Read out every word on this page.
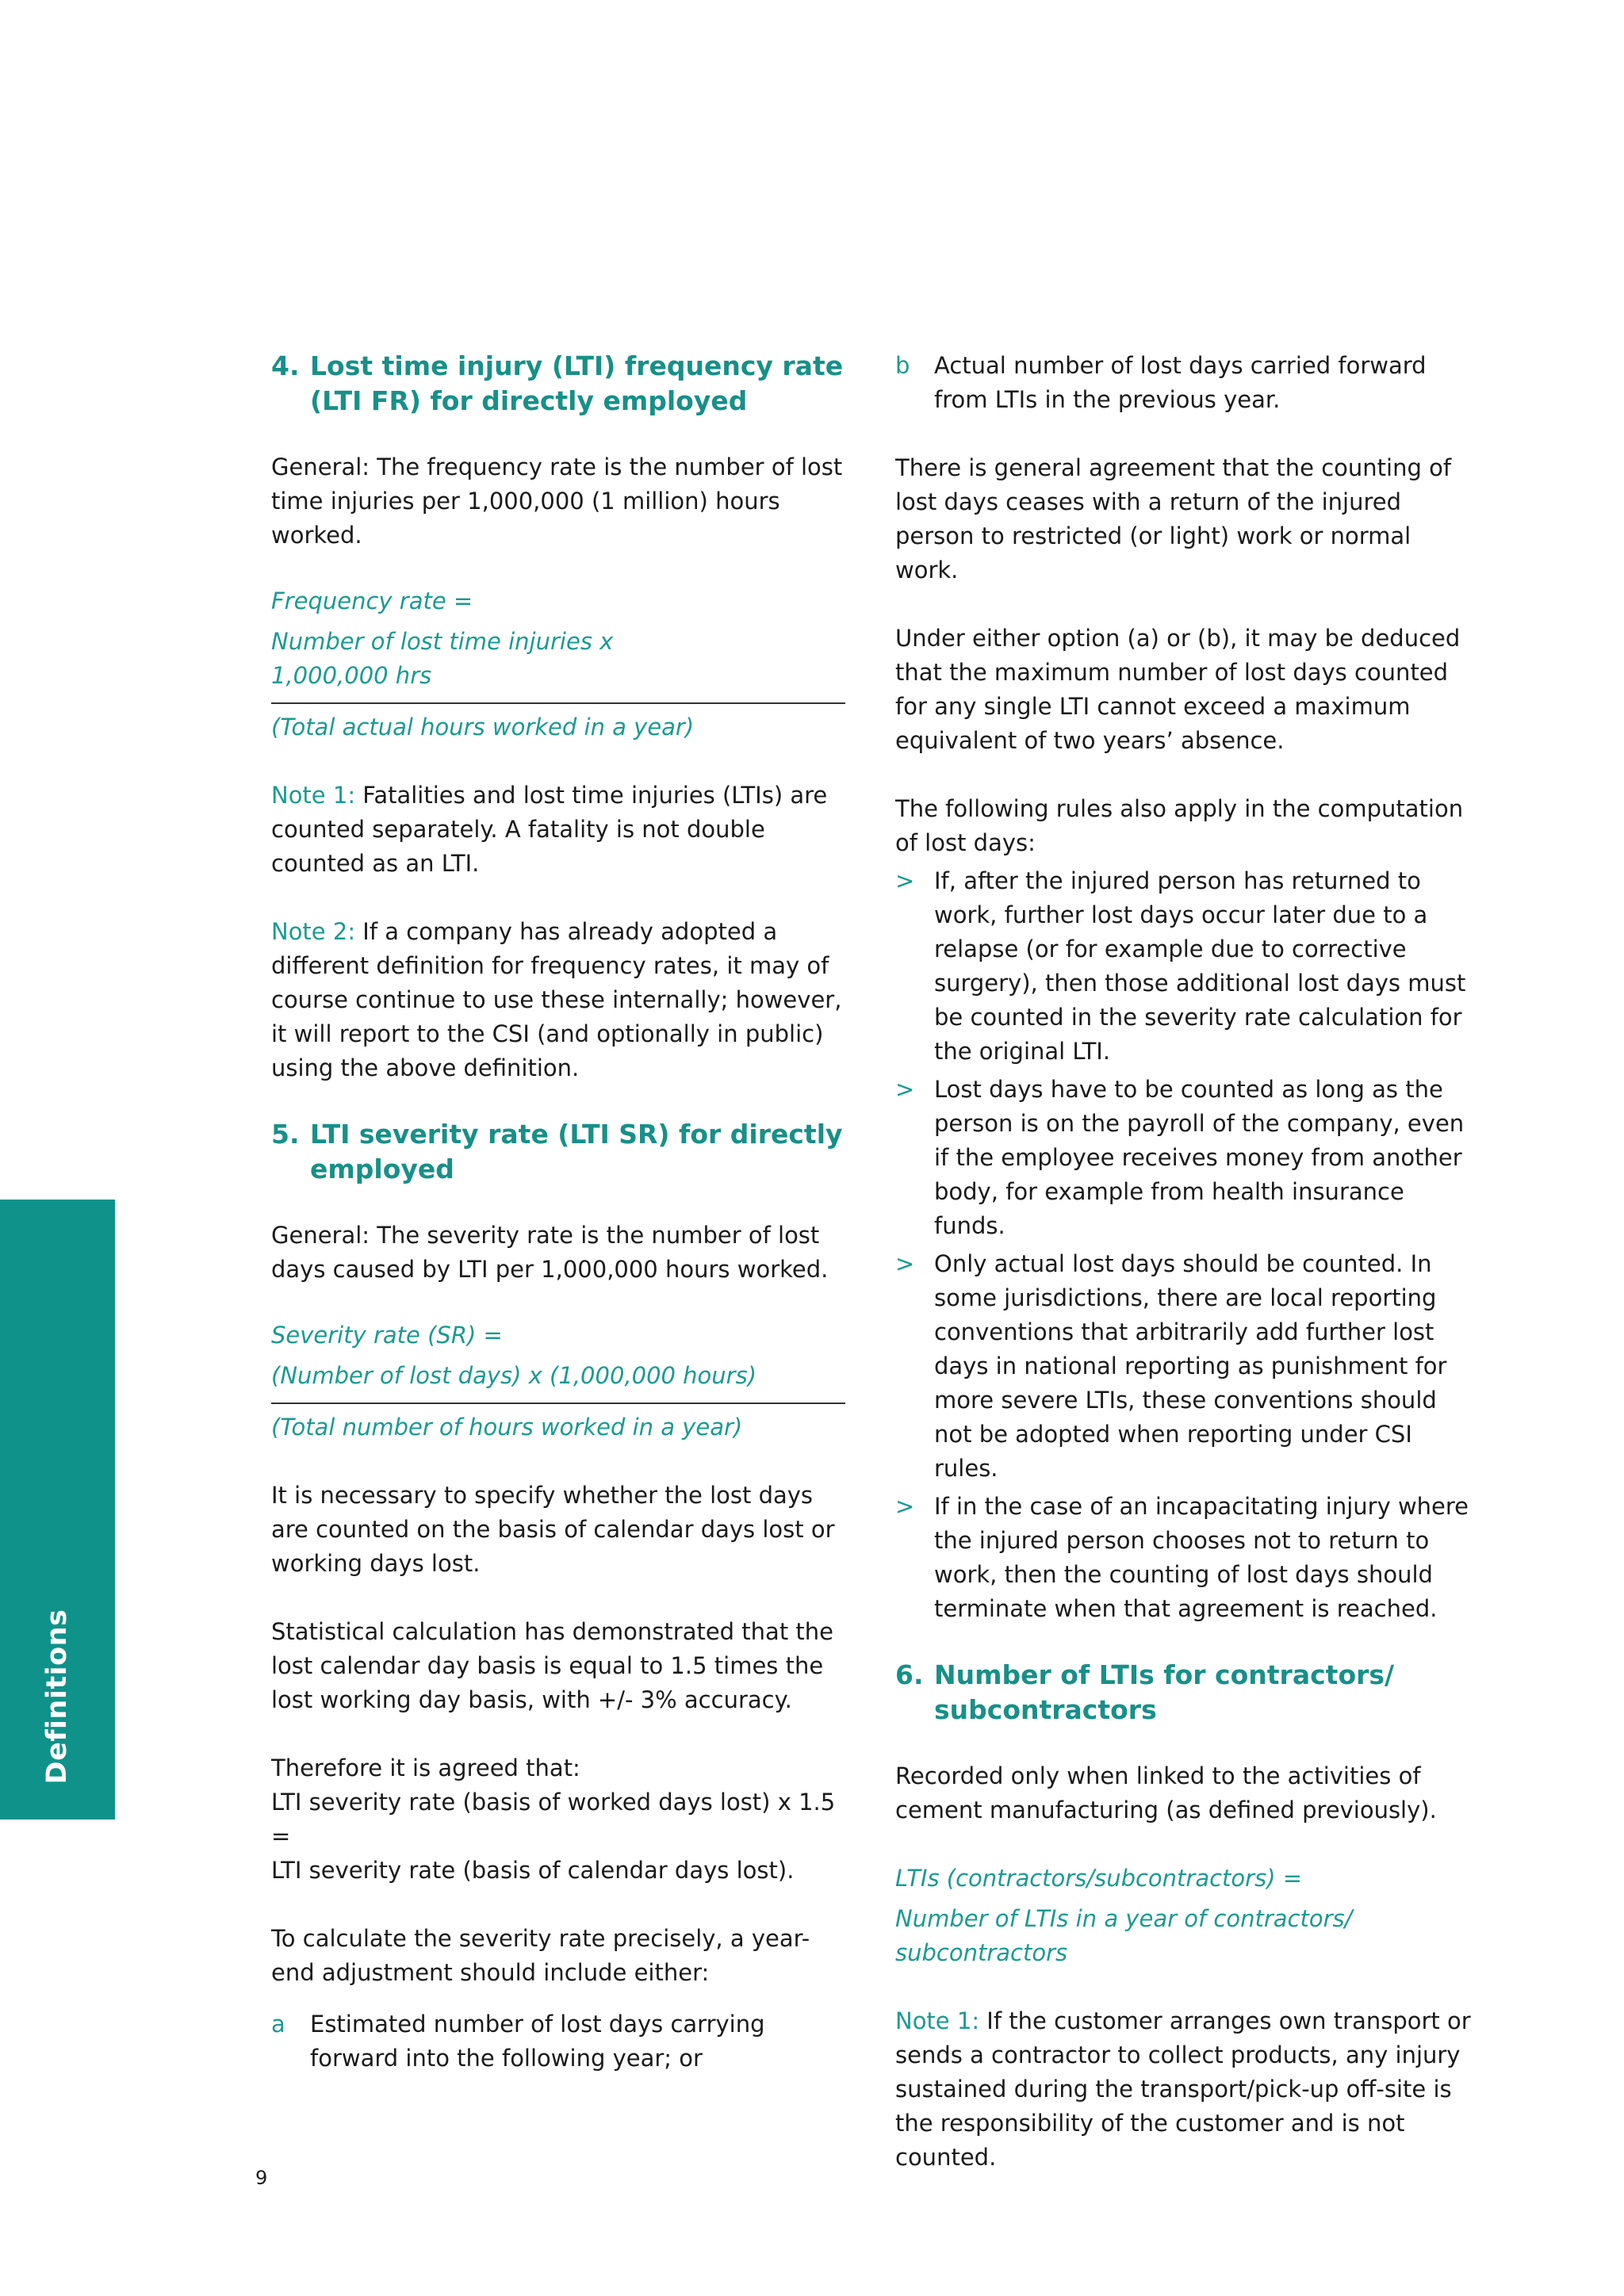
Definitions
4. Lost time injury (LTI) frequency rate (LTI FR) for directly employed

General: The frequency rate is the number of lost time injuries per 1,000,000 (1 million) hours worked.

Frequency rate =
Number of lost time injuries x
1,000,000 hrs
(Total actual hours worked in a year)

Note 1: Fatalities and lost time injuries (LTIs) are counted separately. A fatality is not double counted as an LTI.

Note 2: If a company has already adopted a different definition for frequency rates, it may of course continue to use these internally; however, it will report to the CSI (and optionally in public) using the above definition.

5. LTI severity rate (LTI SR) for directly employed

General: The severity rate is the number of lost days caused by LTI per 1,000,000 hours worked.

Severity rate (SR) =
(Number of lost days) x (1,000,000 hours)
(Total number of hours worked in a year)

It is necessary to specify whether the lost days are counted on the basis of calendar days lost or working days lost.

Statistical calculation has demonstrated that the lost calendar day basis is equal to 1.5 times the lost working day basis, with +/- 3% accuracy.

Therefore it is agreed that:
LTI severity rate (basis of worked days lost) x 1.5 =
LTI severity rate (basis of calendar days lost).

To calculate the severity rate precisely, a year-end adjustment should include either:

a	Estimated number of lost days carrying forward into the following year; or
b	Actual number of lost days carried forward from LTIs in the previous year.

There is general agreement that the counting of lost days ceases with a return of the injured person to restricted (or light) work or normal work.

Under either option (a) or (b), it may be deduced that the maximum number of lost days counted for any single LTI cannot exceed a maximum equivalent of two years’ absence.

The following rules also apply in the computation of lost days:

> If, after the injured person has returned to work, further lost days occur later due to a relapse (or for example due to corrective surgery), then those additional lost days must be counted in the severity rate calculation for the original LTI.
> Lost days have to be counted as long as the person is on the payroll of the company, even if the employee receives money from another body, for example from health insurance funds.
> Only actual lost days should be counted. In some jurisdictions, there are local reporting conventions that arbitrarily add further lost days in national reporting as punishment for more severe LTIs, these conventions should not be adopted when reporting under CSI rules.
> If in the case of an incapacitating injury where the injured person chooses not to return to work, then the counting of lost days should terminate when that agreement is reached.
6. Number of LTIs for contractors/ subcontractors

Recorded only when linked to the activities of cement manufacturing (as defined previously).

LTIs (contractors/subcontractors) =
Number of LTIs in a year of contractors/
subcontractors

Note 1: If the customer arranges own transport or sends a contractor to collect products, any injury sustained during the transport/pick-up off-site is the responsibility of the customer and is not counted.

9
